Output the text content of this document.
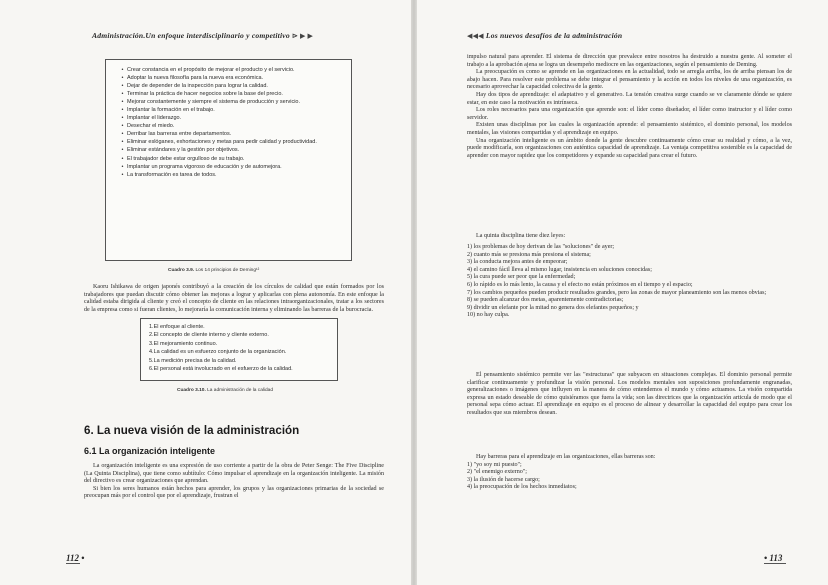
Administración.Un enfoque interdisciplinario y competitivo ⊳ ▶ ▶
• Crear constancia en el propósito de mejorar el producto y el servicio.
• Adoptar la nueva filosofía para la nueva era económica.
• Dejar de depender de la inspección para lograr la calidad.
• Terminar la práctica de hacer negocios sobre la base del precio.
• Mejorar constantemente y siempre el sistema de producción y servicio.
• Implantar la formación en el trabajo.
• Implantar el liderazgo.
• Desechar el miedo.
• Derribar las barreras entre departamentos.
• Eliminar eslóganes, exhortaciones y metas para pedir calidad y productividad.
• Eliminar estándares y la gestión por objetivos.
• El trabajador debe estar orgulloso de su trabajo.
• Implantar un programa vigoroso de educación y de automejora.
• La transformación es tarea de todos.
Cuadro 3.9. Los 14 principios de Deming¹²

Kaoru Ishikawa de origen japonés contribuyó a la creación de los círculos de calidad que están formados por los trabajadores que puedan discutir cómo obtener las mejoras a lograr y aplicarlas con plena autonomía. En este enfoque la calidad estaba dirigida al cliente y creó el concepto de cliente en las relaciones intraorganizacionales, tratar a los sectores de la empresa como si fueran clientes, lo mejoraría la comunicación interna y eliminando las barreras de la burocracia.

1.El enfoque al cliente.
2.El concepto de cliente interno y cliente externo.
3.El mejoramiento continuo.
4.La calidad es un esfuerzo conjunto de la organización.
5.La medición precisa de la calidad.
6.El personal está involucrado en el esfuerzo de la calidad.
Cuadro 3.10. La administración de la calidad
6. La nueva visión de la administración
6.1 La organización inteligente

La organización inteligente es una expresión de uso corriente a partir de la obra de Peter Senge: The Five Discipline (La Quinta Disciplina), que tiene como subtítulo: Cómo impulsar el aprendizaje en la organización inteligente. La misión del directivo es crear organizaciones que aprendan.

Si bien los seres humanos están hechos para aprender, los grupos y las organizaciones primarias de la sociedad se preocupan más por el control que por el aprendizaje, frustran el

112 •
◀◀◀ Los nuevos desafíos de la administración

impulso natural para aprender. El sistema de dirección que prevalece entre nosotros ha destruido a nuestra gente. Al someter el trabajo a la aprobación ajena se logra un desempeño mediocre en las organizaciones, según el pensamiento de Deming.

La preocupación es como se aprende en las organizaciones en la actualidad, todo se arregla arriba, los de arriba piensan los de abajo hacen. Para resolver este problema se debe integrar el pensamiento y la acción en todos los niveles de una organización, es necesario aprovechar la capacidad colectiva de la gente.

Hay dos tipos de aprendizaje: el adaptativo y el generativo. La tensión creativa surge cuando se ve claramente dónde se quiere estar, en este caso la motivación es intrínseca.

Los roles necesarios para una organización que aprende son: el líder como diseñador, el líder como instructor y el líder como servidor.

Existen unas disciplinas por las cuales la organización aprende: el pensamiento sistémico, el dominio personal, los modelos mentales, las visiones compartidas y el aprendizaje en equipo.

Una organización inteligente es un ámbito donde la gente descubre continuamente cómo crear su realidad y cómo, a la vez, puede modificarla, son organizaciones con auténtica capacidad de aprendizaje. La ventaja competitiva sostenible es la capacidad de aprender con mayor rapidez que los competidores y expande su capacidad para crear el futuro.

La quinta disciplina tiene diez leyes:

1) los problemas de hoy derivan de las "soluciones" de ayer;

2) cuanto más se presiona más presiona el sistema;

3) la conducta mejora antes de empeorar;

4) el camino fácil lleva al mismo lugar, insistencia en soluciones conocidas;

5) la cura puede ser peor que la enfermedad;

6) lo rápido es lo más lento, la causa y el efecto no están próximos en el tiempo y el espacio;

7) los cambios pequeños pueden producir resultados grandes, pero las zonas de mayor planeamiento son las menos obvias;

8) se pueden alcanzar dos metas, aparentemente contradictorias;

9) dividir un elefante por la mitad no genera dos elefantes pequeños; y

10) no hay culpa.

El pensamiento sistémico permite ver las "estructuras" que subyacen en situaciones complejas. El dominio personal permite clarificar continuamente y profundizar la visión personal. Los modelos mentales son suposiciones profundamente engranadas, generalizaciones o imágenes que influyen en la manera de cómo entendemos el mundo y cómo actuamos. La visión compartida expresa un estado deseable de cómo quisiéramos que fuera la vida; son las directrices que la organización articula de modo que el personal sepa cómo actuar. El aprendizaje en equipo es el proceso de alinear y desarrollar la capacidad del equipo para crear los resultados que sus miembros desean.

Hay barreras para el aprendizaje en las organizaciones, ellas barreras son:

1) "yo soy mi puesto";

2) "el enemigo externo";

3) la ilusión de hacerse cargo;

4) la preocupación de los hechos inmediatos;

• 113
